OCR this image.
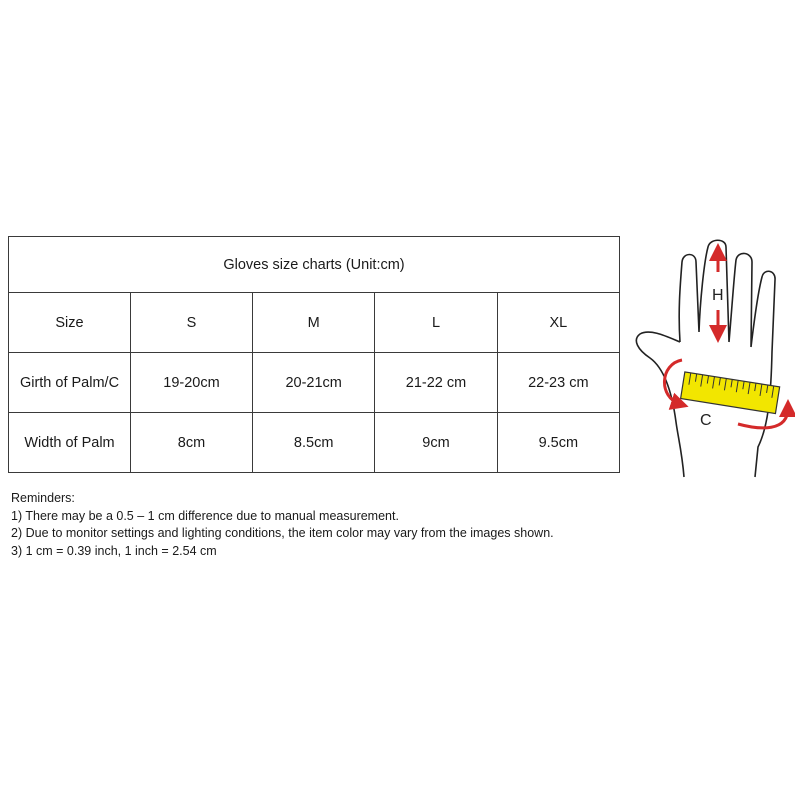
Gloves size charts (Unit:cm)				
Size	S	M	L	XL
Girth of Palm/C	19-20cm	20-21cm	21-22 cm	22-23 cm
Width of Palm	8cm	8.5cm	9cm	9.5cm
Reminders:
1) There may be a 0.5 – 1 cm difference due to manual measurement.
2) Due to monitor settings and lighting conditions, the item color may vary from the images shown.
3) 1 cm = 0.39 inch, 1 inch = 2.54 cm
H
C
